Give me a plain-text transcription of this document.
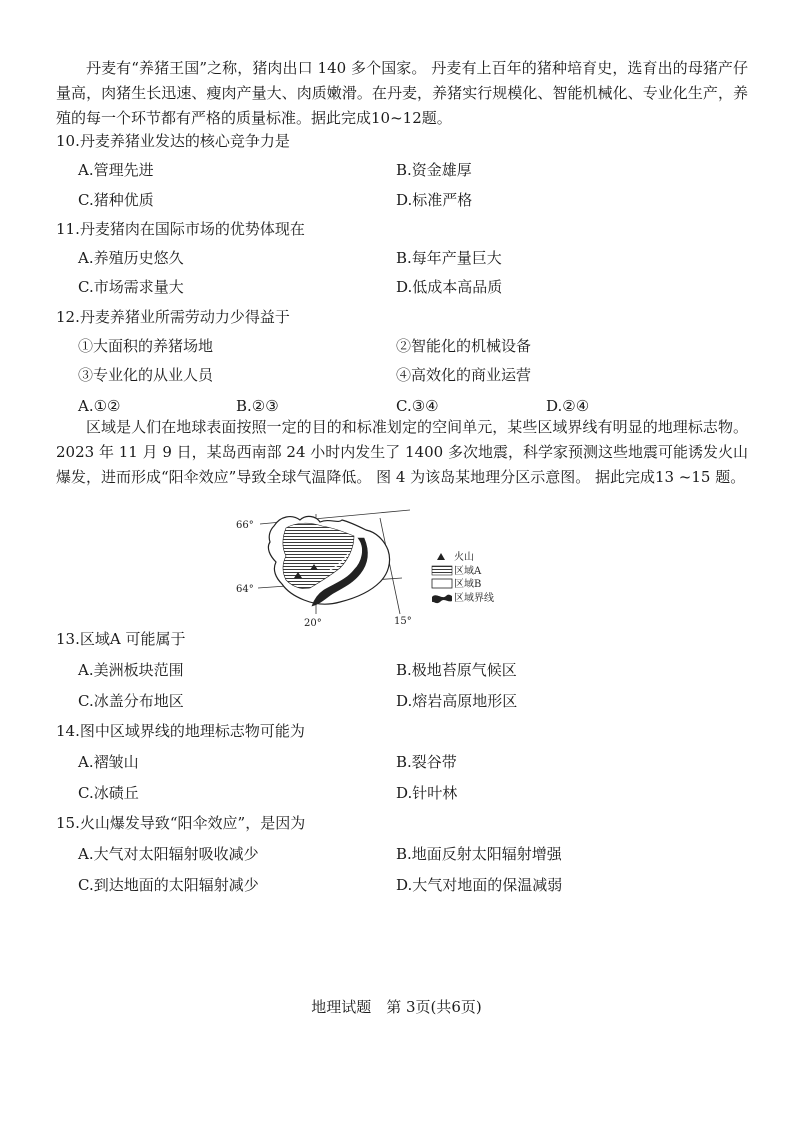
丹麦有“养猪王国”之称，猪肉出口 140 多个国家。 丹麦有上百年的猪种培育史，选育出的母猪产仔量高，肉猪生长迅速、瘦肉产量大、肉质嫩滑。在丹麦，养猪实行规模化、智能机械化、专业化生产，养殖的每一个环节都有严格的质量标准。据此完成10~12题。
10.丹麦养猪业发达的核心竞争力是
A.管理先进	B.资金雄厚
C.猪种优质	D.标准严格
11.丹麦猪肉在国际市场的优势体现在
A.养殖历史悠久	B.每年产量巨大
C.市场需求量大	D.低成本高品质
12.丹麦养猪业所需劳动力少得益于
①大面积的养猪场地	②智能化的机械设备
③专业化的从业人员	④高效化的商业运营
A.①②	B.②③	C.③④	D.②④
区域是人们在地球表面按照一定的目的和标准划定的空间单元，某些区域界线有明显的地理标志物。2023 年 11 月 9 日，某岛西南部 24 小时内发生了 1400 多次地震，科学家预测这些地震可能诱发火山爆发，进而形成“阳伞效应”导致全球气温降低。 图 4 为该岛某地理分区示意图。 据此完成13 ~15 题。
66°
64°
20°	15°
火山
区域A
区域B
区域界线
13.区域A 可能属于
A.美洲板块范围	B.极地苔原气候区
C.冰盖分布地区	D.熔岩高原地形区
14.图中区域界线的地理标志物可能为
A.褶皱山	B.裂谷带
C.冰碛丘	D.针叶林
15.火山爆发导致“阳伞效应”，是因为
A.大气对太阳辐射吸收减少	B.地面反射太阳辐射增强
C.到达地面的太阳辐射减少	D.大气对地面的保温减弱
地理试题　第 3页(共6页)
